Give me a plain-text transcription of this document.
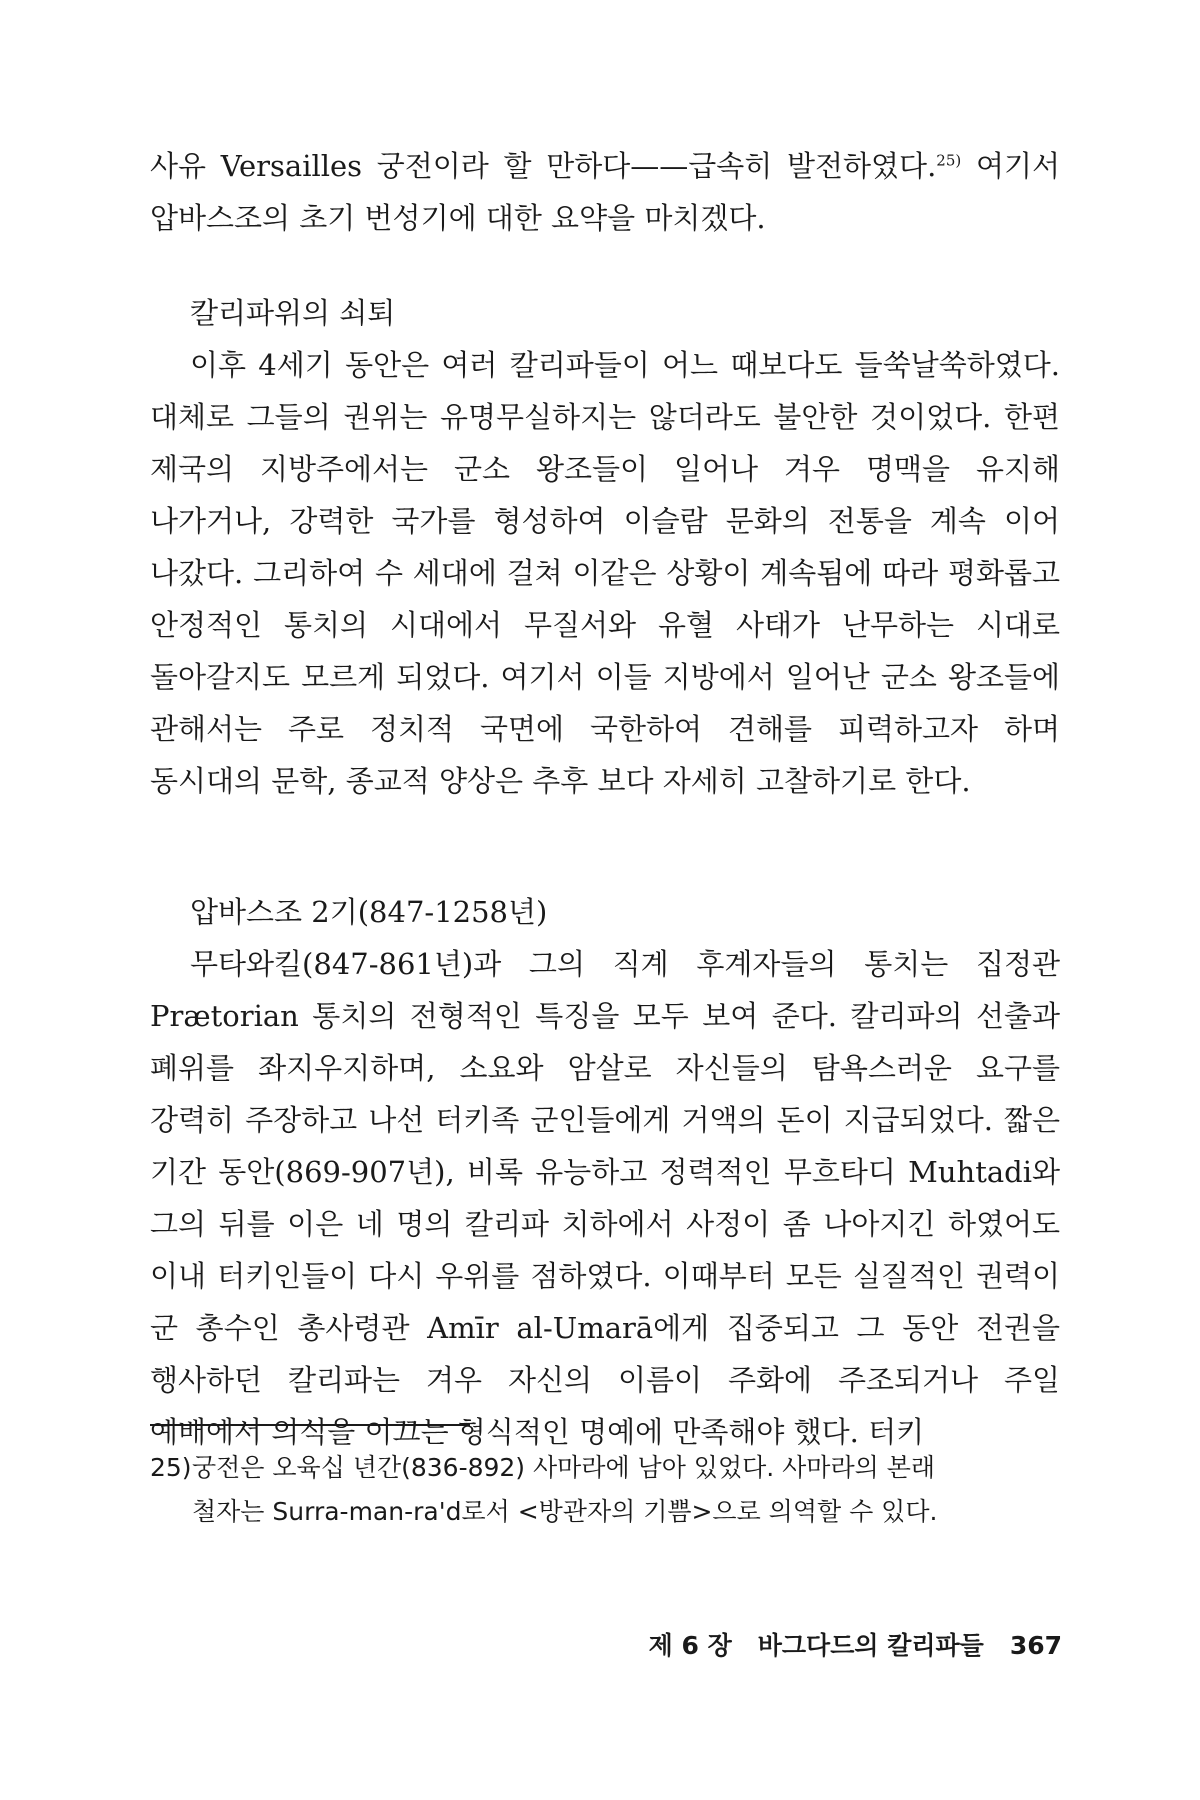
사유 Versailles 궁전이라 할 만하다——급속히 발전하였다.$^{25)}$ 여기서 압바스조의 초기 번성기에 대한 요약을 마치겠다.

칼리파위의 쇠퇴

이후 4세기 동안은 여러 칼리파들이 어느 때보다도 들쑥날쑥하였다. 대체로 그들의 권위는 유명무실하지는 않더라도 불안한 것이었다. 한편 제국의 지방주에서는 군소 왕조들이 일어나 겨우 명맥을 유지해 나가거나, 강력한 국가를 형성하여 이슬람 문화의 전통을 계속 이어 나갔다. 그리하여 수 세대에 걸쳐 이같은 상황이 계속됨에 따라 평화롭고 안정적인 통치의 시대에서 무질서와 유혈 사태가 난무하는 시대로 돌아갈지도 모르게 되었다. 여기서 이들 지방에서 일어난 군소 왕조들에 관해서는 주로 정치적 국면에 국한하여 견해를 피력하고자 하며 동시대의 문학, 종교적 양상은 추후 보다 자세히 고찰하기로 한다.

압바스조 2기(847-1258년)

무타와킬(847-861년)과 그의 직계 후계자들의 통치는 집정관 Prætorian 통치의 전형적인 특징을 모두 보여 준다. 칼리파의 선출과 폐위를 좌지우지하며, 소요와 암살로 자신들의 탐욕스러운 요구를 강력히 주장하고 나선 터키족 군인들에게 거액의 돈이 지급되었다. 짧은 기간 동안(869-907년), 비록 유능하고 정력적인 무흐타디 Muhtadi와 그의 뒤를 이은 네 명의 칼리파 치하에서 사정이 좀 나아지긴 하였어도 이내 터키인들이 다시 우위를 점하였다. 이때부터 모든 실질적인 권력이 군 총수인 총사령관 Amīr al-Umarā에게 집중되고 그 동안 전권을 행사하던 칼리파는 겨우 자신의 이름이 주화에 주조되거나 주일 예배에서 의식을 이끄는 형식적인 명예에 만족해야 했다. 터키

25)궁전은 오육십 년간(836-892) 사마라에 남아 있었다. 사마라의 본래
철자는 Surra-man-ra'd로서 <방관자의 기쁨>으로 의역할 수 있다.

제 6 장 바그다드의 칼리파들 367
